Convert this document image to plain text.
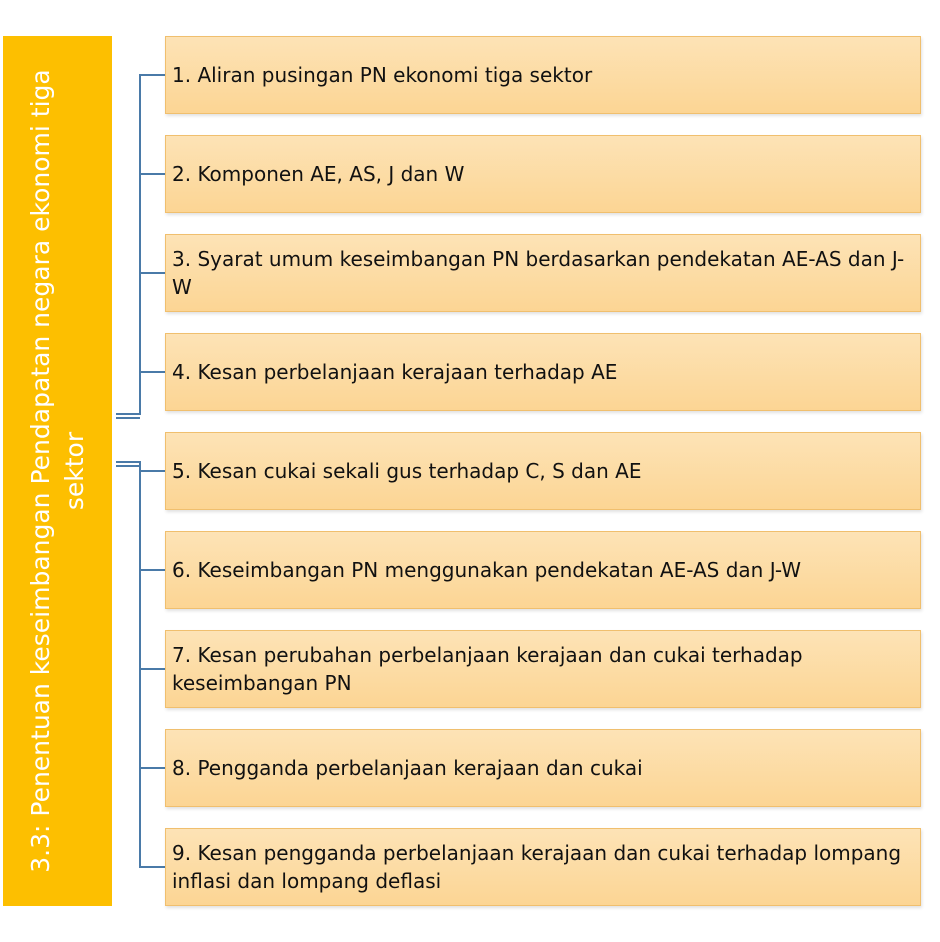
3.3: Penentuan keseimbangan Pendapatan negara ekonomi tiga sektor
1. Aliran pusingan PN ekonomi tiga sektor
2. Komponen AE, AS, J dan W
3. Syarat umum keseimbangan PN berdasarkan pendekatan AE-AS dan J-W
4. Kesan perbelanjaan kerajaan terhadap AE
5. Kesan cukai sekali gus terhadap C, S dan AE
6. Keseimbangan PN menggunakan pendekatan AE-AS dan J-W
7. Kesan perubahan perbelanjaan kerajaan dan cukai terhadap keseimbangan PN
8. Pengganda perbelanjaan kerajaan dan cukai
9. Kesan pengganda perbelanjaan kerajaan dan cukai terhadap lompang inflasi dan lompang deflasi
